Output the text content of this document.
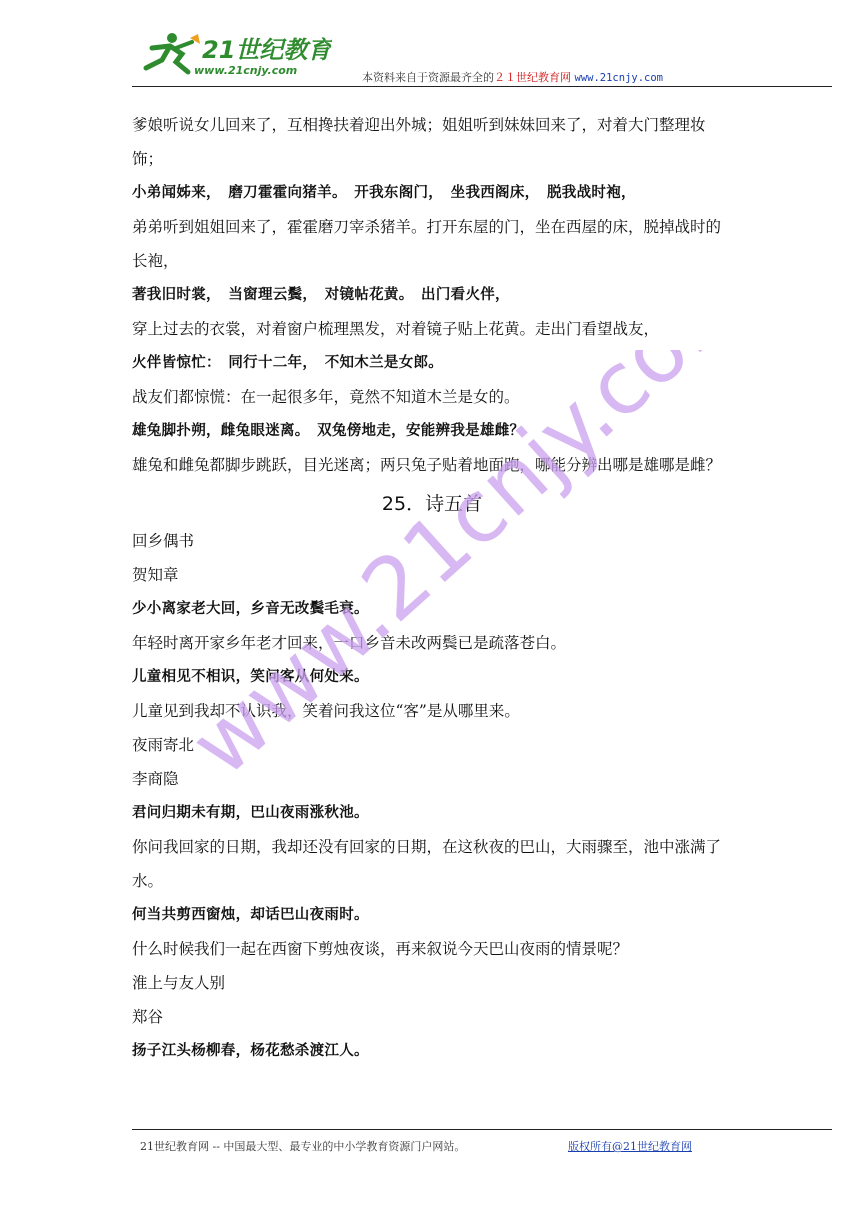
21世纪教育
www.21cnjy.com
本资料来自于资源最齐全的２１世纪教育网 www.21cnjy.com

爹娘听说女儿回来了，互相搀扶着迎出外城；姐姐听到妹妹回来了，对着大门整理妆饰；

小弟闻姊来，　磨刀霍霍向猪羊。　开我东阁门，　坐我西阁床，　脱我战时袍，

弟弟听到姐姐回来了，霍霍磨刀宰杀猪羊。打开东屋的门，坐在西屋的床，脱掉战时的长袍，

著我旧时裳，　当窗理云鬓，　对镜帖花黄。　出门看火伴，

穿上过去的衣裳，对着窗户梳理黑发，对着镜子贴上花黄。走出门看望战友，

火伴皆惊忙：　同行十二年，　不知木兰是女郎。

战友们都惊慌：在一起很多年，竟然不知道木兰是女的。

雄兔脚扑朔，雌兔眼迷离。　双兔傍地走，安能辨我是雄雌？

雄兔和雌兔都脚步跳跃，目光迷离；两只兔子贴着地面跑，哪能分辨出哪是雄哪是雌？

25．诗五首

回乡偶书

贺知章

少小离家老大回，乡音无改鬓毛衰。

年轻时离开家乡年老才回来，一口乡音未改两鬓已是疏落苍白。

儿童相见不相识，笑问客从何处来。

儿童见到我却不认识我，笑着问我这位“客”是从哪里来。

夜雨寄北

李商隐

君问归期未有期，巴山夜雨涨秋池。

你问我回家的日期，我却还没有回家的日期，在这秋夜的巴山，大雨骤至，池中涨满了水。

何当共剪西窗烛，却话巴山夜雨时。

什么时候我们一起在西窗下剪烛夜谈，再来叙说今天巴山夜雨的情景呢？

淮上与友人别

郑谷

扬子江头杨柳春，杨花愁杀渡江人。

www.21cnjy.com
21世纪教育网 -- 中国最大型、最专业的中小学教育资源门户网站。	版权所有@21世纪教育网
